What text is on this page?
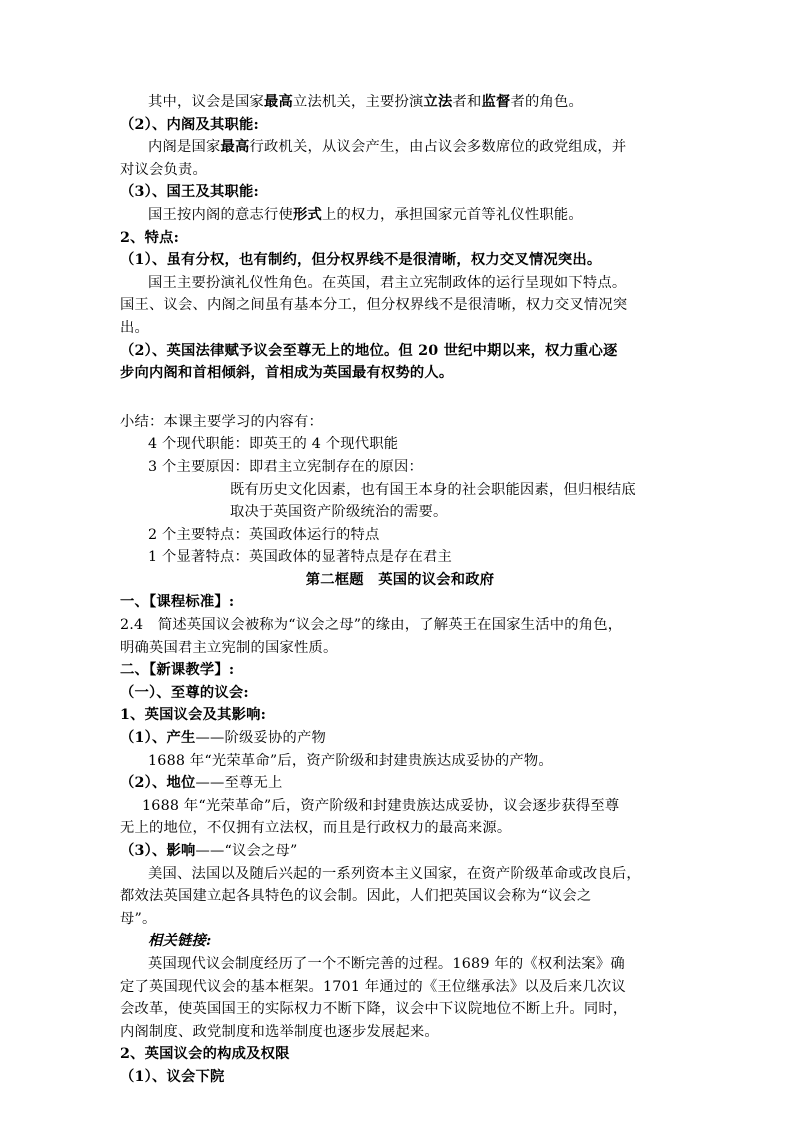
其中，议会是国家最高立法机关，主要扮演立法者和监督者的角色。
（2）、内阁及其职能:
内阁是国家最高行政机关，从议会产生，由占议会多数席位的政党组成，并
对议会负责。
（3）、国王及其职能:
国王按内阁的意志行使形式上的权力，承担国家元首等礼仪性职能。
2、特点:
（1）、虽有分权，也有制约，但分权界线不是很清晰，权力交叉情况突出。
国王主要扮演礼仪性角色。在英国，君主立宪制政体的运行呈现如下特点。
国王、议会、内阁之间虽有基本分工，但分权界线不是很清晰，权力交叉情况突
出。
（2）、英国法律赋予议会至尊无上的地位。但 20 世纪中期以来，权力重心逐
步向内阁和首相倾斜，首相成为英国最有权势的人。
小结：本课主要学习的内容有：
4 个现代职能：即英王的 4 个现代职能
3 个主要原因：即君主立宪制存在的原因：
既有历史文化因素，也有国王本身的社会职能因素，但归根结底
取决于英国资产阶级统治的需要。
2 个主要特点：英国政体运行的特点
1 个显著特点：英国政体的显著特点是存在君主
第二框题　英国的议会和政府
一、【课程标准】:
2.4　简述英国议会被称为“议会之母”的缘由，了解英王在国家生活中的角色，
明确英国君主立宪制的国家性质。
二、【新课教学】:
（一）、至尊的议会:
1、英国议会及其影响:
（1）、产生——阶级妥协的产物
1688 年“光荣革命”后，资产阶级和封建贵族达成妥协的产物。
（2）、地位——至尊无上
1688 年“光荣革命”后，资产阶级和封建贵族达成妥协，议会逐步获得至尊
无上的地位，不仅拥有立法权，而且是行政权力的最高来源。
（3）、影响——“议会之母”
美国、法国以及随后兴起的一系列资本主义国家，在资产阶级革命或改良后，
都效法英国建立起各具特色的议会制。因此，人们把英国议会称为“议会之
母”。
相关链接:
英国现代议会制度经历了一个不断完善的过程。1689 年的《权利法案》确
定了英国现代议会的基本框架。1701 年通过的《王位继承法》以及后来几次议
会改革，使英国国王的实际权力不断下降，议会中下议院地位不断上升。同时，
内阁制度、政党制度和选举制度也逐步发展起来。
2、英国议会的构成及权限
（1）、议会下院
